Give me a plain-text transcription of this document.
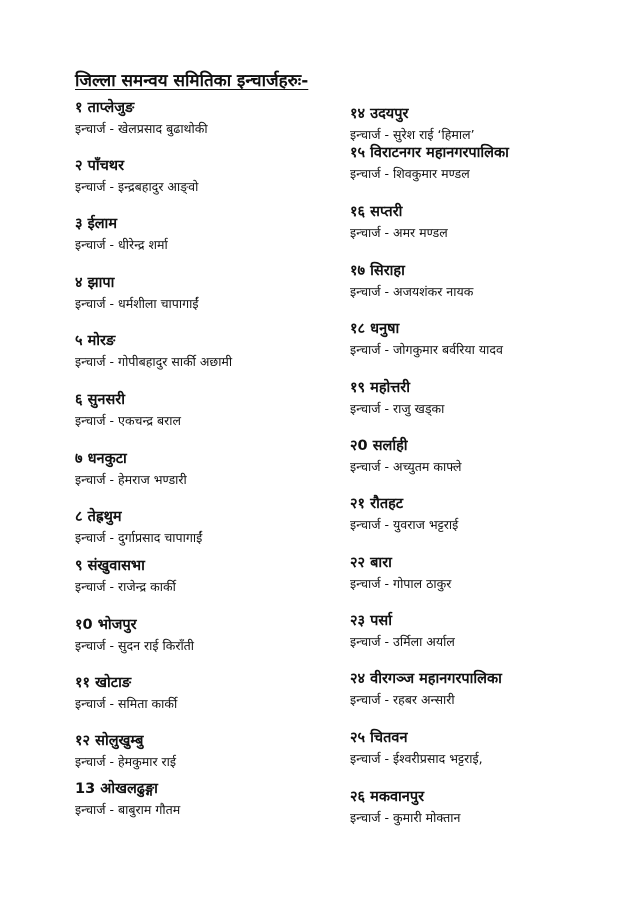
जिल्ला समन्वय समितिका इन्चार्जहरुः-
१ ताप्लेजुङ
इन्चार्ज - खेलप्रसाद बुढाथोकी
२ पाँचथर
इन्चार्ज - इन्द्रबहादुर आङ्वो
३ ईलाम
इन्चार्ज - धीरेन्द्र शर्मा
४ झापा
इन्चार्ज - धर्मशीला चापागाईं
५ मोरङ
इन्चार्ज - गोपीबहादुर सार्की अछामी
६ सुनसरी
इन्चार्ज - एकचन्द्र बराल
७ धनकुटा
इन्चार्ज - हेमराज भण्डारी
८ तेह्रथुम
इन्चार्ज - दुर्गाप्रसाद चापागाईं
९ संखुवासभा
इन्चार्ज - राजेन्द्र कार्की
१0 भोजपुर
इन्चार्ज - सुदन राई किराँती
११ खोटाङ
इन्चार्ज - समिता कार्की
१२ सोलुखुम्बु
इन्चार्ज - हेमकुमार राई
13 ओखलढुङ्गा
इन्चार्ज - बाबुराम गौतम
१४ उदयपुर
इन्चार्ज - सुरेश राई ‘हिमाल’
१५ विराटनगर महानगरपालिका
इन्चार्ज - शिवकुमार मण्डल
१६ सप्तरी
इन्चार्ज - अमर मण्डल
१७ सिराहा
इन्चार्ज - अजयशंकर नायक
१८ धनुषा
इन्चार्ज - जोगकुमार बर्वरिया यादव
१९ महोत्तरी
इन्चार्ज - राजु खड्का
२0 सर्लाही
इन्चार्ज - अच्युतम काफ्ले
२१ रौतहट
इन्चार्ज - युवराज भट्टराई
२२ बारा
इन्चार्ज - गोपाल ठाकुर
२३ पर्सा
इन्चार्ज - उर्मिला अर्याल
२४ वीरगञ्ज महानगरपालिका
इन्चार्ज - रहबर अन्सारी
२५ चितवन
इन्चार्ज - ईश्वरीप्रसाद भट्टराई,
२६ मकवानपुर
इन्चार्ज - कुमारी मोक्तान
